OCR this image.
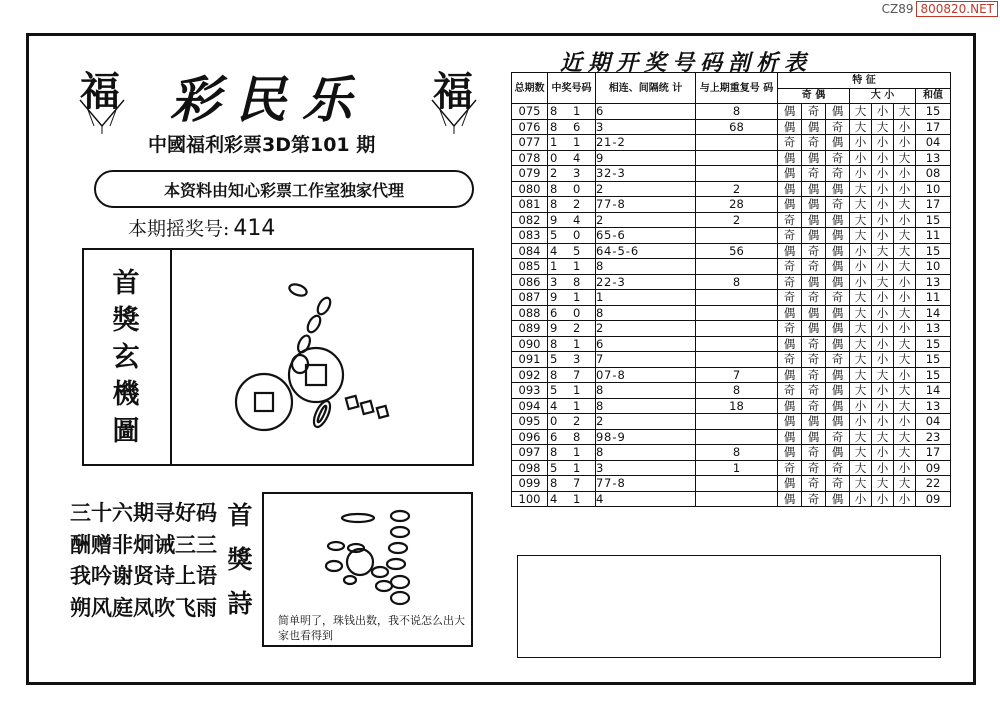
CZ89 800820.NET
福	福
彩民乐
中國福利彩票3D第101 期
本资料由知心彩票工作室独家代理
本期摇奖号: 414
首
獎
玄
機
圖
三十六期寻好码
酬赠非炯诫三三
我吟谢贤诗上语
朔风庭凤吹飞雨
首
獎
詩
简单明了，珠钱出数，我不说怎么出大家也看得到
近期开奖号码剖析表
总期数	中奖号码	相连、间隔统 计	与上期重复号 码	特 征						
				奇 偶			大 小			和值

075	8 1 6		8	偶	奇	偶	大	小	大	15
076	8 6 3		68	偶	偶	奇	大	大	小	17
077	1 1 2	1-2		奇	奇	偶	小	小	小	04
078	0 4 9			偶	偶	奇	小	小	大	13
079	2 3 3	2-3		偶	奇	奇	小	小	小	08
080	8 0 2		2	偶	偶	偶	大	小	小	10
081	8 2 7	7-8	28	偶	偶	奇	大	小	大	17
082	9 4 2		2	奇	偶	偶	大	小	小	15
083	5 0 6	5-6		奇	偶	偶	大	小	大	11
084	4 5 6	4-5-6	56	偶	奇	偶	小	大	大	15
085	1 1 8			奇	奇	偶	小	小	大	10
086	3 8 2	2-3	8	奇	偶	偶	小	大	小	13
087	9 1 1			奇	奇	奇	大	小	小	11
088	6 0 8			偶	偶	偶	大	小	大	14
089	9 2 2			奇	偶	偶	大	小	小	13
090	8 1 6			偶	奇	偶	大	小	大	15
091	5 3 7			奇	奇	奇	大	小	大	15
092	8 7 0	7-8	7	偶	奇	偶	大	大	小	15
093	5 1 8		8	奇	奇	偶	大	小	大	14
094	4 1 8		18	偶	奇	偶	小	小	大	13
095	0 2 2			偶	偶	偶	小	小	小	04
096	6 8 9	8-9		偶	偶	奇	大	大	大	23
097	8 1 8		8	偶	奇	偶	大	小	大	17
098	5 1 3		1	奇	奇	奇	大	小	小	09
099	8 7 7	7-8		偶	奇	奇	大	大	大	22
100	4 1 4			偶	奇	偶	小	小	小	09
